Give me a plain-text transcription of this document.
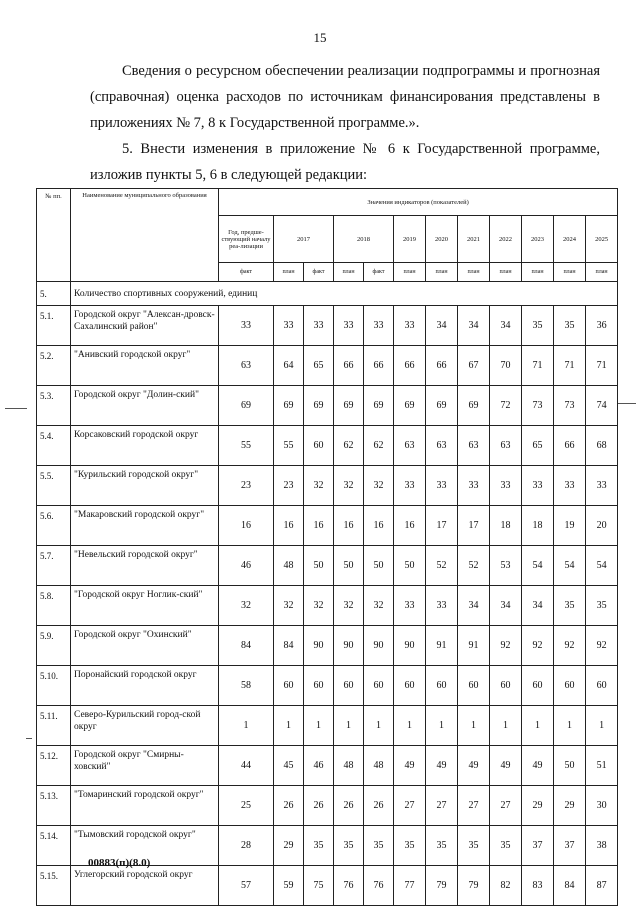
15

Сведения о ресурсном обеспечении реализации подпрограммы и прогнозная (справочная) оценка расходов по источникам финансирования представлены в приложениях № 7, 8 к Государственной программе.».

5. Внести изменения в приложение № 6 к Государственной программе, изложив пункты 5, 6 в следующей редакции:

№ пп.	Наименование муниципального образования	Значения индикаторов (показателей)											
		Год, предше-ствующий началу реа-лизации	2017		2018		2019	2020	2021	2022	2023	2024	2025
		факт	план	факт	план	факт	план	план	план	план	план	план	план
5.	Количество спортивных сооружений, единиц												
5.1.	Городской округ "Алексан-дровск-Сахалинский район"	33	33	33	33	33	33	34	34	34	35	35	36
5.2.	"Анивский городской округ"	63	64	65	66	66	66	66	67	70	71	71	71
5.3.	Городской округ "Долин-ский"	69	69	69	69	69	69	69	69	72	73	73	74
5.4.	Корсаковский городской округ	55	55	60	62	62	63	63	63	63	65	66	68
5.5.	"Курильский городской округ"	23	23	32	32	32	33	33	33	33	33	33	33
5.6.	"Макаровский городской округ"	16	16	16	16	16	16	17	17	18	18	19	20
5.7.	"Невельский городской округ"	46	48	50	50	50	50	52	52	53	54	54	54
5.8.	"Городской округ Ноглик-ский"	32	32	32	32	32	33	33	34	34	34	35	35
5.9.	Городской округ "Охинский"	84	84	90	90	90	90	91	91	92	92	92	92
5.10.	Поронайский городской округ	58	60	60	60	60	60	60	60	60	60	60	60
5.11.	Северо-Курильский город-ской округ	1	1	1	1	1	1	1	1	1	1	1	1
5.12.	Городской округ "Смирны-ховский"	44	45	46	48	48	49	49	49	49	49	50	51
5.13.	"Томаринский городской округ"	25	26	26	26	26	27	27	27	27	29	29	30
5.14.	"Тымовский городской округ"	28	29	35	35	35	35	35	35	35	37	37	38
5.15.	Углегорский городской округ	57	59	75	76	76	77	79	79	82	83	84	87
00883(п)(8.0)
